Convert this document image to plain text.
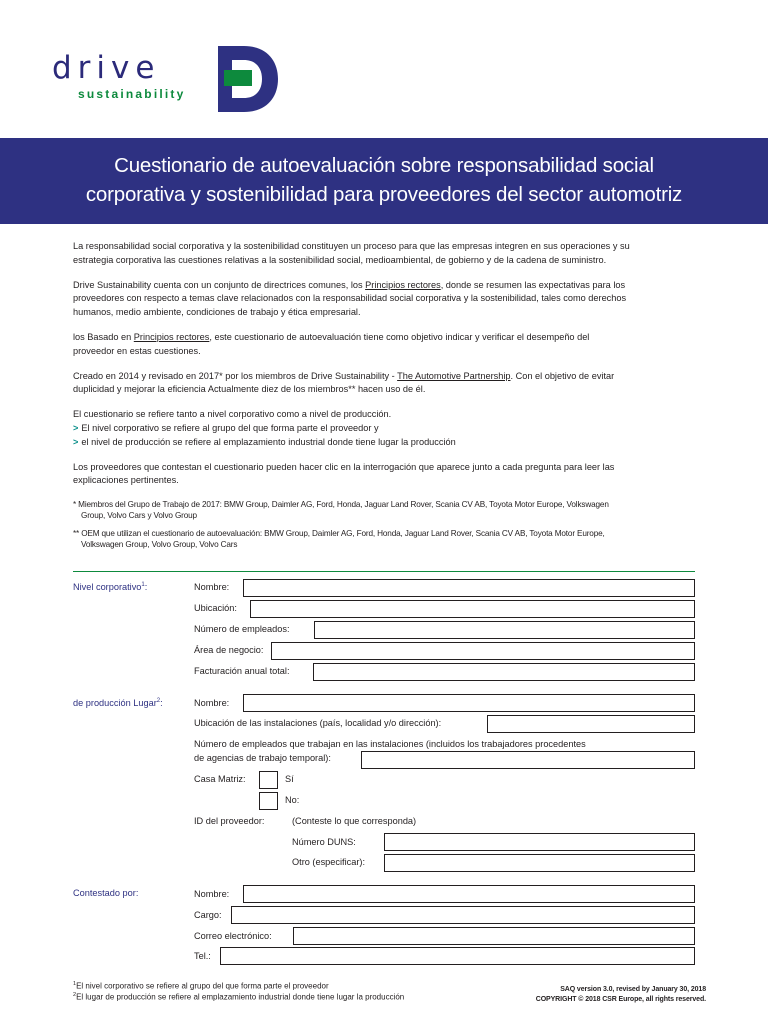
drive
sustainability
Cuestionario de autoevaluación sobre responsabilidad social
corporativa y sostenibilidad para proveedores del sector automotriz

La responsabilidad social corporativa y la sostenibilidad constituyen un proceso para que las empresas integren en sus operaciones y su estrategia corporativa las cuestiones relativas a la sostenibilidad social, medioambiental, de gobierno y de la cadena de suministro.

Drive Sustainability cuenta con un conjunto de directrices comunes, los Principios rectores, donde se resumen las expectativas para los proveedores con respecto a temas clave relacionados con la responsabilidad social corporativa y la sostenibilidad, tales como derechos humanos, medio ambiente, condiciones de trabajo y ética empresarial.

los Basado en Principios rectores, este cuestionario de autoevaluación tiene como objetivo indicar y verificar el desempeño del proveedor en estas cuestiones.

Creado en 2014 y revisado en 2017* por los miembros de Drive Sustainability - The Automotive Partnership. Con el objetivo de evitar duplicidad y mejorar la eficiencia Actualmente diez de los miembros** hacen uso de él.

El cuestionario se refiere tanto a nivel corporativo como a nivel de producción.
> El nivel corporativo se refiere al grupo del que forma parte el proveedor y
> el nivel de producción se refiere al emplazamiento industrial donde tiene lugar la producción

Los proveedores que contestan el cuestionario pueden hacer clic en la interrogación que aparece junto a cada pregunta para leer las explicaciones pertinentes.

* Miembros del Grupo de Trabajo de 2017: BMW Group, Daimler AG, Ford, Honda, Jaguar Land Rover, Scania CV AB, Toyota Motor Europe, Volkswagen Group, Volvo Cars y Volvo Group
** OEM que utilizan el cuestionario de autoevaluación: BMW Group, Daimler AG, Ford, Honda, Jaguar Land Rover, Scania CV AB, Toyota Motor Europe, Volkswagen Group, Volvo Group, Volvo Cars
Nivel corporativo$^1$:	Nombre:
Ubicación:
Número de empleados:
Área de negocio:
Facturación anual total:
de producción Lugar$^2$:	Nombre:
Ubicación de las instalaciones (país, localidad y/o dirección):
Número de empleados que trabajan en las instalaciones (incluidos los trabajadores procedentes
de agencias de trabajo temporal):
Casa Matriz:	Sí
No:
ID del proveedor:	(Conteste lo que corresponda)
Número DUNS:
Otro (especificar):
Contestado por:	Nombre:
Cargo:
Correo electrónico:
Tel.:
$^1$El nivel corporativo se refiere al grupo del que forma parte el proveedor
$^2$El lugar de producción se refiere al emplazamiento industrial donde tiene lugar la producción
SAQ version 3.0, revised by January 30, 2018
COPYRIGHT © 2018 CSR Europe, all rights reserved.
